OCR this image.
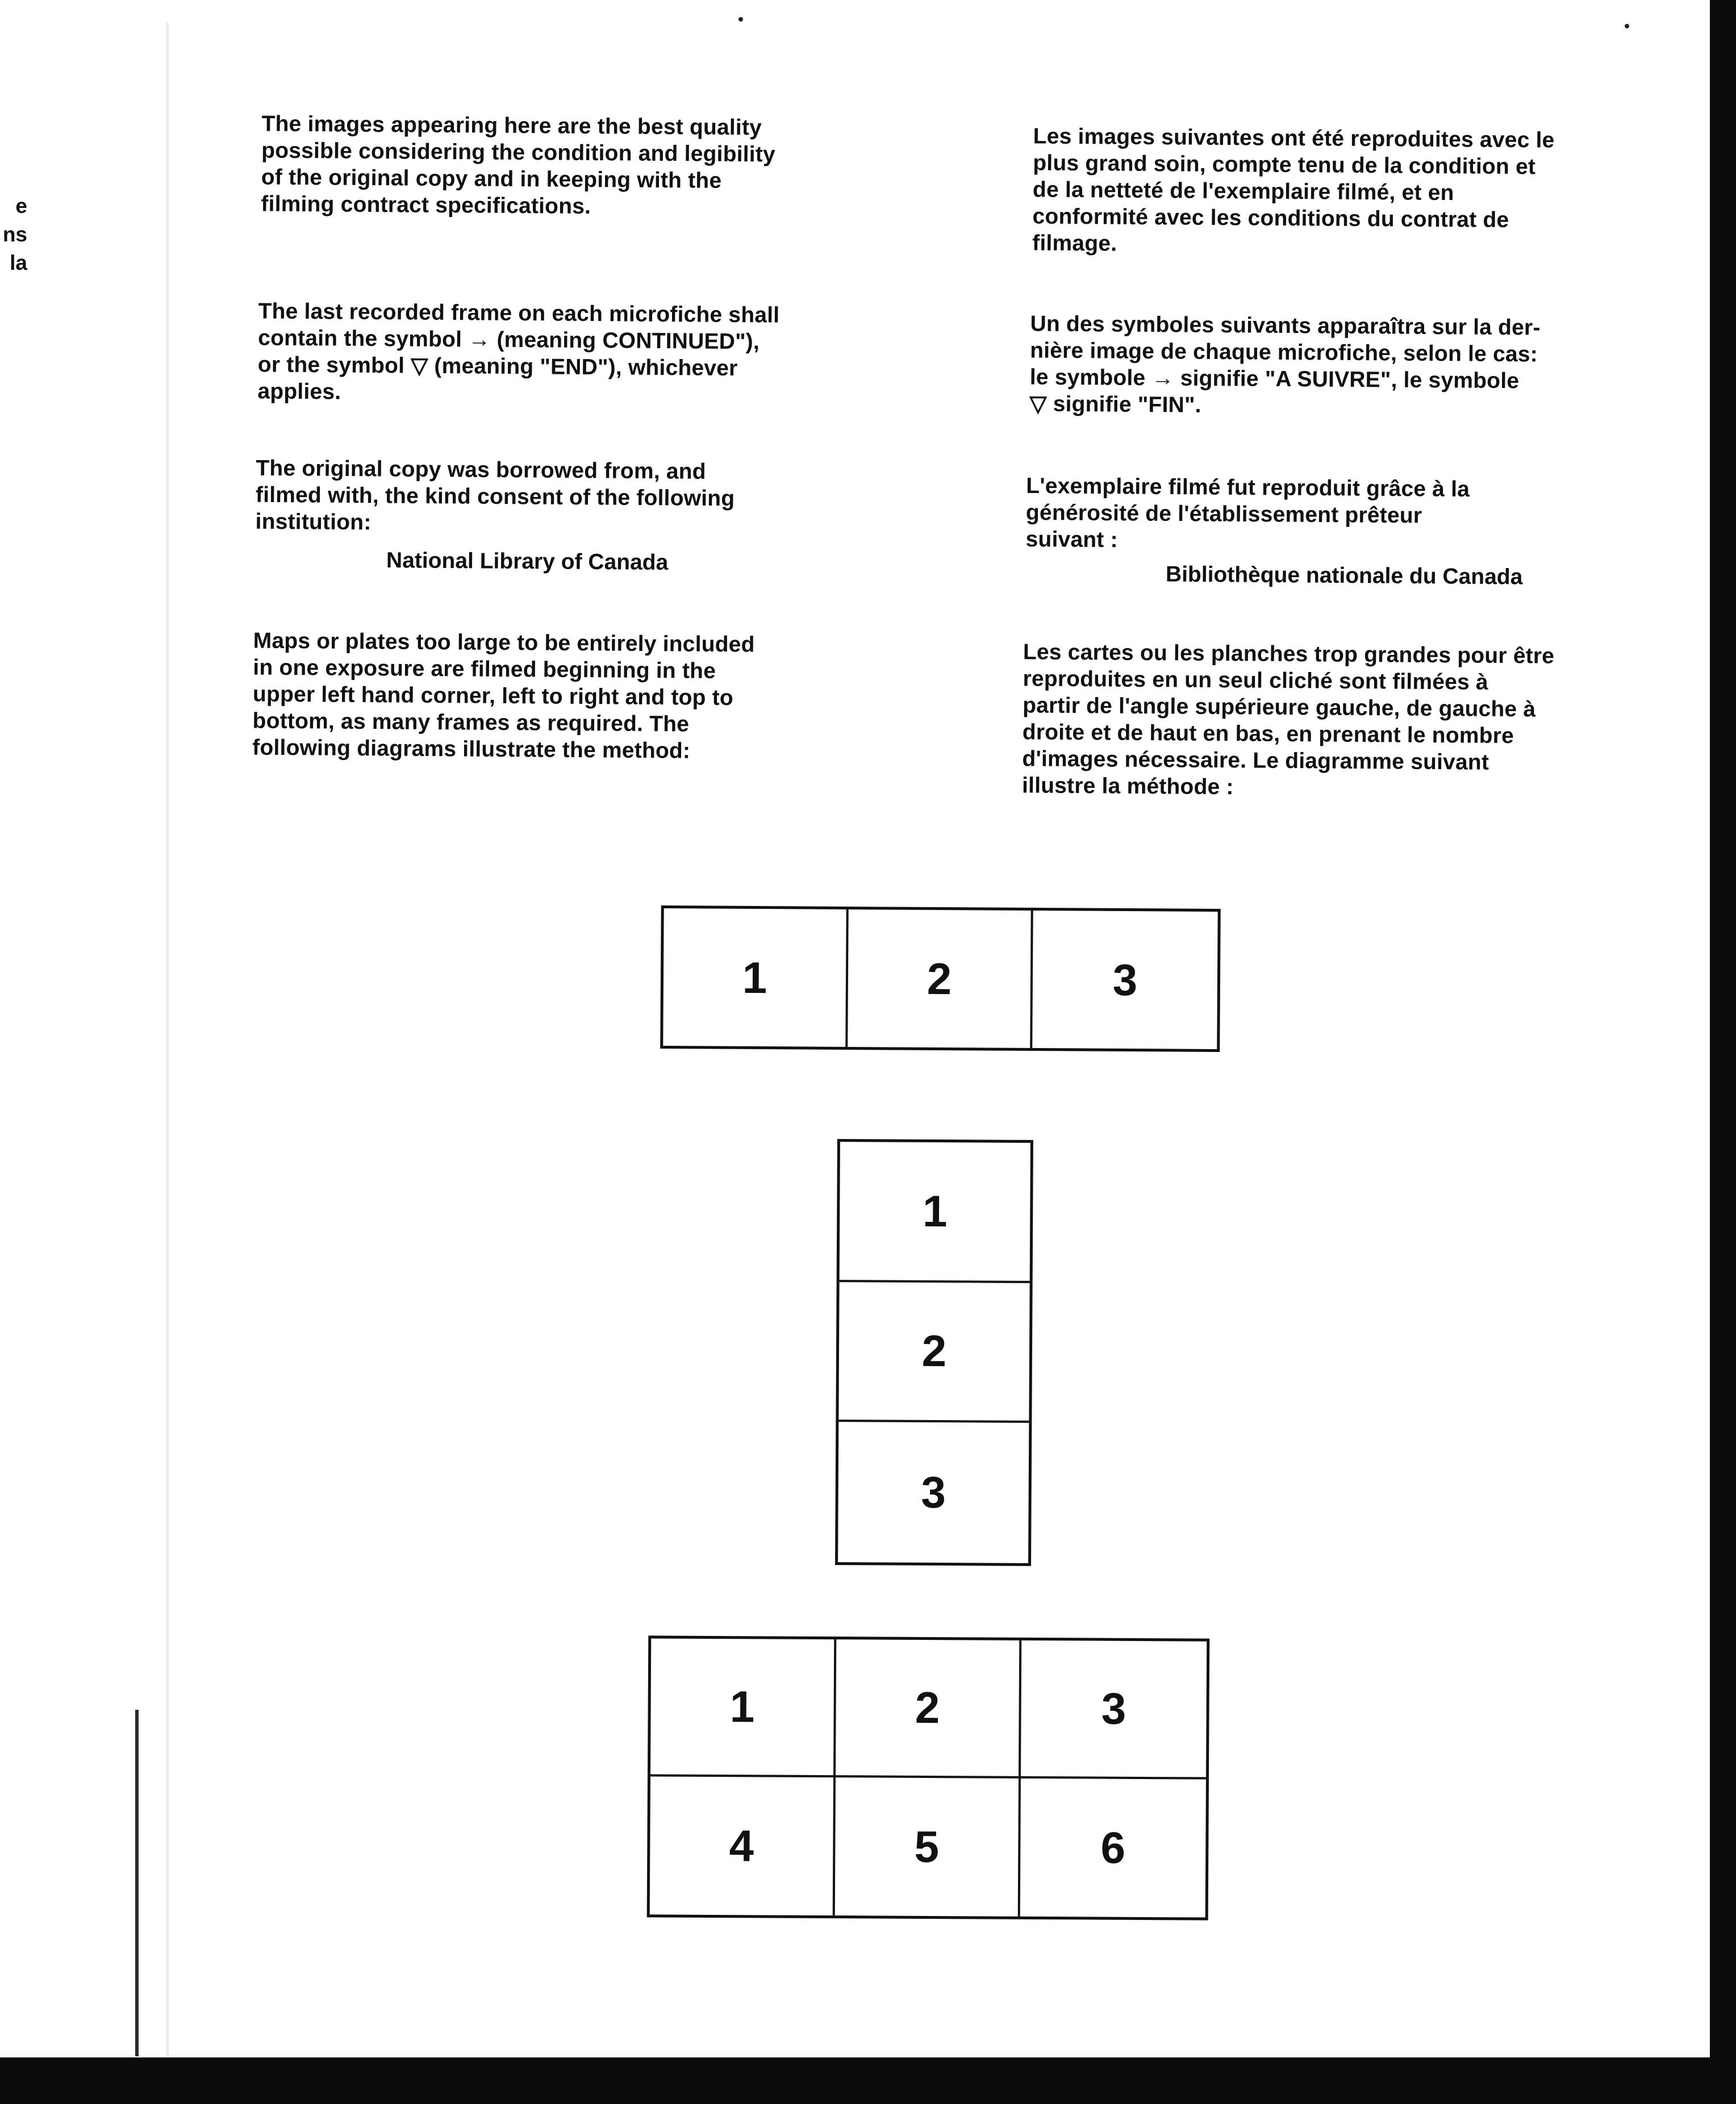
e
ns
la
The images appearing here are the best quality
possible considering the condition and legibility
of the original copy and in keeping with the
filming contract specifications.
The last recorded frame on each microfiche shall
contain the symbol → (meaning CONTINUED"),
or the symbol ▽ (meaning "END"), whichever
applies.
The original copy was borrowed from, and
filmed with, the kind consent of the following
institution:
National Library of Canada
Maps or plates too large to be entirely included
in one exposure are filmed beginning in the
upper left hand corner, left to right and top to
bottom, as many frames as required. The
following diagrams illustrate the method:
Les images suivantes ont été reproduites avec le
plus grand soin, compte tenu de la condition et
de la netteté de l'exemplaire filmé, et en
conformité avec les conditions du contrat de
filmage.
Un des symboles suivants apparaîtra sur la der-
nière image de chaque microfiche, selon le cas:
le symbole → signifie "A SUIVRE", le symbole
▽ signifie "FIN".
L'exemplaire filmé fut reproduit grâce à la
générosité de l'établissement prêteur
suivant :
Bibliothèque nationale du Canada
Les cartes ou les planches trop grandes pour être
reproduites en un seul cliché sont filmées à
partir de l'angle supérieure gauche, de gauche à
droite et de haut en bas, en prenant le nombre
d'images nécessaire. Le diagramme suivant
illustre la méthode :
1	2	3
1
2
3
1	2	3
4	5	6
